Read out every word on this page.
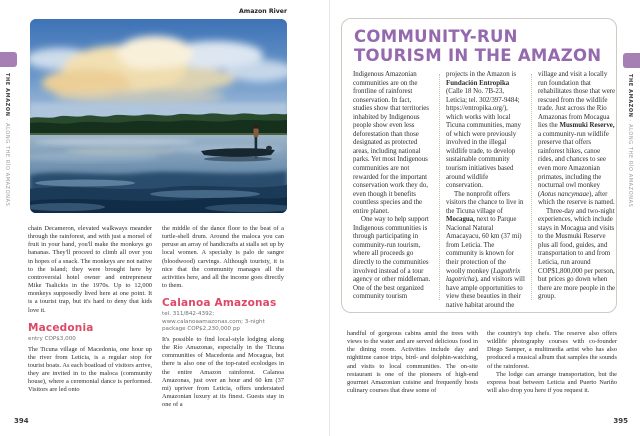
THE AMAZON · ALONG THE RÍO AMAZONAS
Amazon River

chain Decameron, elevated walkways meander through the rainforest, and with just a morsel of fruit in your hand, you'll make the monkeys go bananas. They'll proceed to climb all over you in hopes of a snack. The monkeys are not native to the island; they were brought here by controversial hotel owner and entrepreneur Mike Tsalickis in the 1970s. Up to 12,000 monkeys supposedly lived here at one point. It is a tourist trap, but it's hard to deny that kids love it.

Macedonia

entry COP$3,000

The Ticuna village of Macedonia, one hour up the river from Leticia, is a regular stop for tourist boats. As each boatload of visitors arrive, they are invited in to the maloca (community house), where a ceremonial dance is performed. Visitors are led onto

the middle of the dance floor to the beat of a turtle-shell drum. Around the maloca you can peruse an array of handicrafts at stalls set up by local women. A specialty is palo de sangre (bloodwood) carvings. Although touristy, it is nice that the community manages all the activities here, and all the income goes directly to them.

Calanoa Amazonas

tel. 311/842-4392; www.calanoaamazonas.com; 3-night package COP$2,230,000 pp

It's possible to find local-style lodging along the Río Amazonas, especially in the Ticuna communities of Macedonia and Mocagua, but there is also one of the top-rated ecolodges in the entire Amazon rainforest. Calanoa Amazonas, just over an hour and 60 km (37 mi) upriver from Leticia, offers understated Amazonian luxury at its finest. Guests stay in one of a

394
COMMUNITY-RUN TOURISM IN THE AMAZON

Indigenous Amazonian communities are on the frontline of rainforest conservation. In fact, studies show that territories inhabited by Indigenous people show even less deforestation than those designated as protected areas, including national parks. Yet most Indigenous communities are not rewarded for the important conservation work they do, even though it benefits countless species and the entire planet.

One way to help support Indigenous communities is through participating in community-run tourism, where all proceeds go directly to the communities involved instead of a tour agency or other middleman. One of the best organized community tourism

projects in the Amazon is Fundación Entropika (Calle 18 No. 7B-23, Leticia; tel. 302/397-9484; https://entropika.org/), which works with local Ticuna communities, many of which were previously involved in the illegal wildlife trade, to develop sustainable community tourism initiatives based around wildlife conservation.

The nonprofit offers visitors the chance to live in the Ticuna village of Mocagua, next to Parque Nacional Natural Amacayacu, 60 km (37 mi) from Leticia. The community is known for their protection of the woolly monkey (Lagothrix lagotricha), and visitors will have ample opportunities to view these beauties in their native habitat around the

village and visit a locally run foundation that rehabilitates those that were rescued from the wildlife trade. Just across the Río Amazonas from Mocagua lies the Musmuki Reserve, a community-run wildlife preserve that offers rainforest hikes, canoe rides, and chances to see even more Amazonian primates, including the nocturnal owl monkey (Aotus nancymaae), after which the reserve is named.

Three-day and two-night experiences, which include stays in Mocagua and visits to the Musmuki Reserve plus all food, guides, and transportation to and from Leticia, run around COP$1,800,000 per person, but prices go down when there are more people in the group.

handful of gorgeous cabins amid the trees with views to the water and are served delicious food in the dining room. Activities include day and nighttime canoe trips, bird- and dolphin-watching, and visits to local communities. The on-site restaurant is one of the pioneers of high-end gourmet Amazonian cuisine and frequently hosts culinary courses that draw some of

the country's top chefs. The reserve also offers wildlife photography courses with co-founder Diego Samper, a multimedia artist who has also produced a musical album that samples the sounds of the rainforest.

The lodge can arrange transportation, but the express boat between Leticia and Puerto Nariño will also drop you here if you request it.

THE AMAZON · ALONG THE RÍO AMAZONAS
395
